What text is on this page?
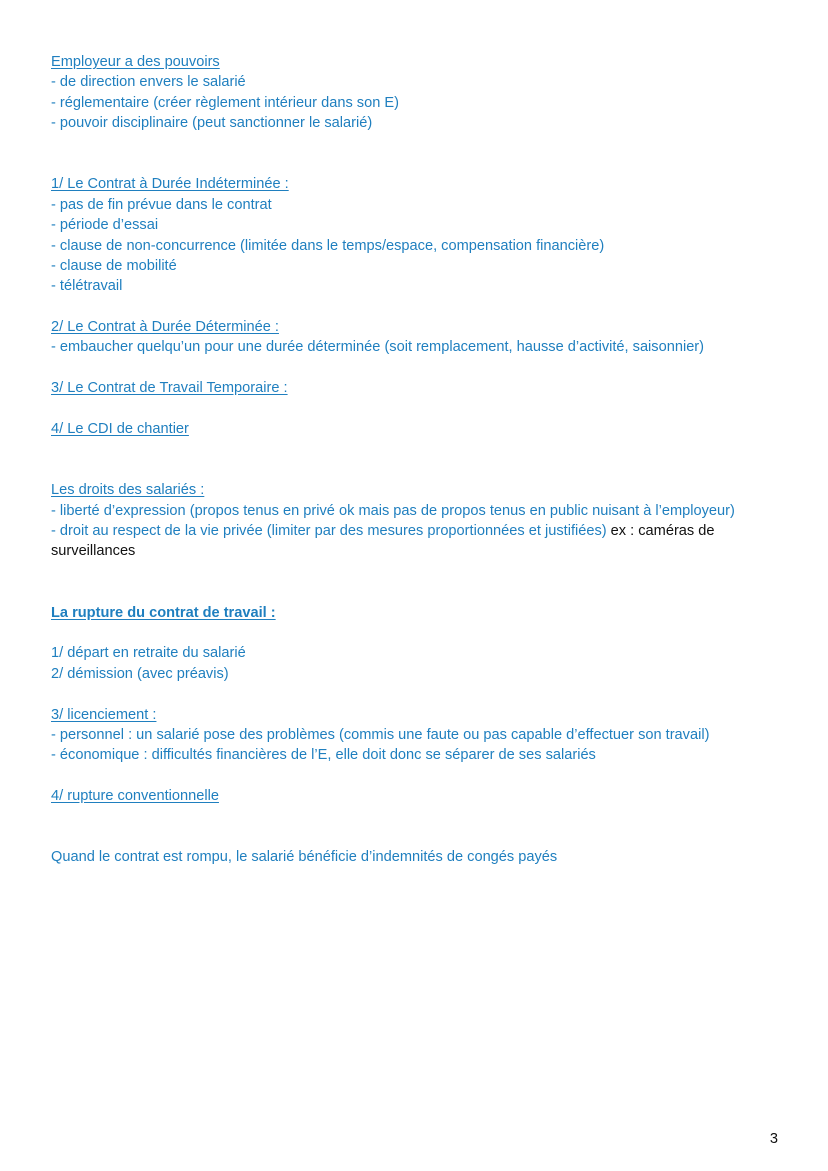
Employeur a des pouvoirs
- de direction envers le salarié
- réglementaire (créer règlement intérieur dans son E)
- pouvoir disciplinaire (peut sanctionner le salarié)
1/ Le Contrat à Durée Indéterminée :
- pas de fin prévue dans le contrat
- période d’essai
- clause de non-concurrence (limitée dans le temps/espace, compensation financière)
- clause de mobilité
- télétravail
2/ Le Contrat à Durée Déterminée :
- embaucher quelqu’un pour une durée déterminée (soit remplacement, hausse d’activité, saisonnier)
3/ Le Contrat de Travail Temporaire :
4/ Le CDI de chantier
Les droits des salariés :
- liberté d’expression (propos tenus en privé ok mais pas de propos tenus en public nuisant à l’employeur)
- droit au respect de la vie privée (limiter par des mesures proportionnées et justifiées) ex : caméras de surveillances
La rupture du contrat de travail :
1/ départ en retraite du salarié
2/ démission (avec préavis)
3/ licenciement :
- personnel : un salarié pose des problèmes (commis une faute ou pas capable d’effectuer son travail)
- économique : difficultés financières de l’E, elle doit donc se séparer de ses salariés
4/ rupture conventionnelle
Quand le contrat est rompu, le salarié bénéficie d’indemnités de congés payés
3
